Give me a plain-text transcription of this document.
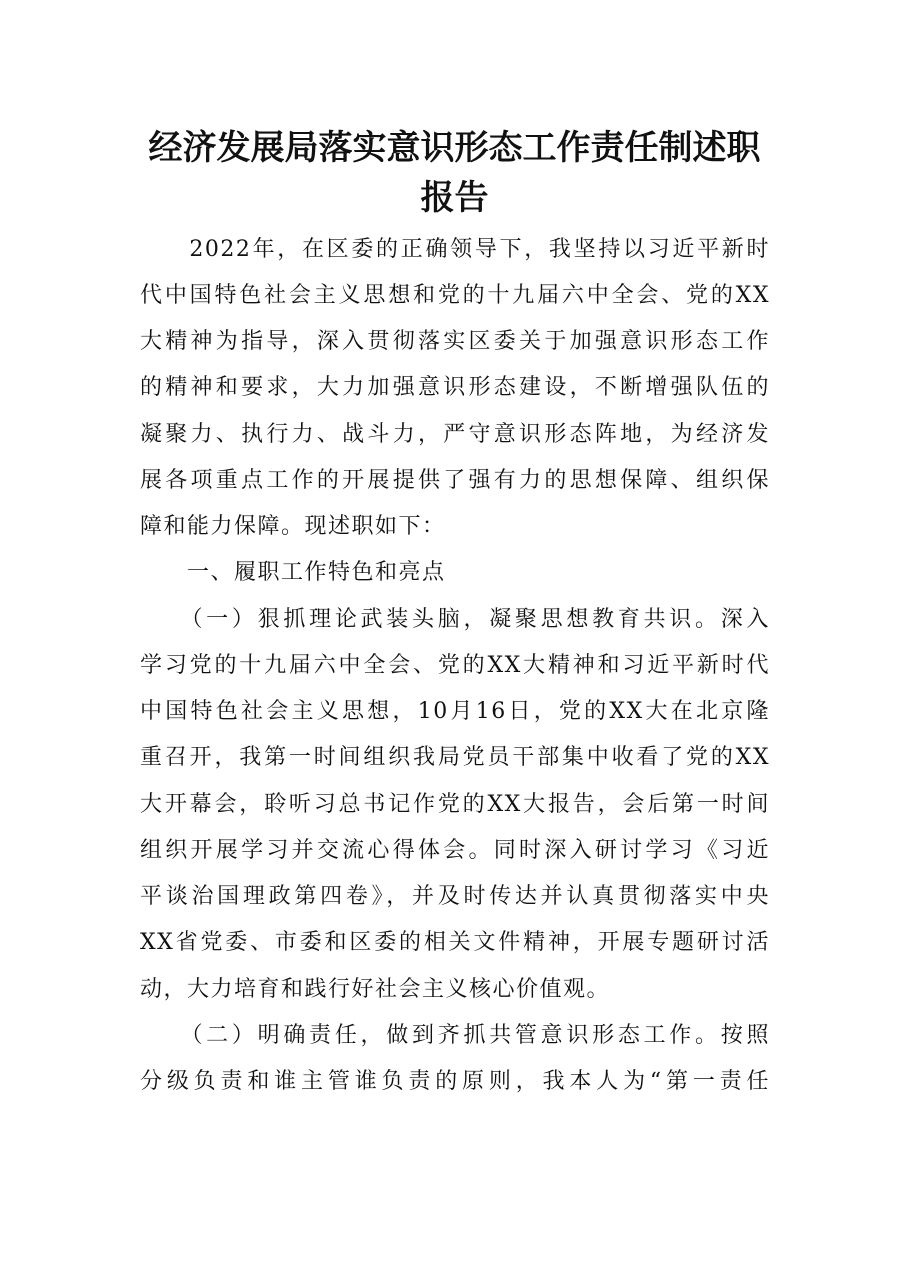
经济发展局落实意识形态工作责任制述职
报告
　　2022年，在区委的正确领导下，我坚持以习近平新时
代中国特色社会主义思想和党的十九届六中全会、党的XX
大精神为指导，深入贯彻落实区委关于加强意识形态工作
的精神和要求，大力加强意识形态建设，不断增强队伍的
凝聚力、执行力、战斗力，严守意识形态阵地，为经济发
展各项重点工作的开展提供了强有力的思想保障、组织保
障和能力保障。现述职如下：
　　一、履职工作特色和亮点
　　（一）狠抓理论武装头脑，凝聚思想教育共识。深入
学习党的十九届六中全会、党的XX大精神和习近平新时代
中国特色社会主义思想，10月16日，党的XX大在北京隆
重召开，我第一时间组织我局党员干部集中收看了党的XX
大开幕会，聆听习总书记作党的XX大报告，会后第一时间
组织开展学习并交流心得体会。同时深入研讨学习《习近
平谈治国理政第四卷》，并及时传达并认真贯彻落实中央
XX省党委、市委和区委的相关文件精神，开展专题研讨活
动，大力培育和践行好社会主义核心价值观。
　　（二）明确责任，做到齐抓共管意识形态工作。按照
分级负责和谁主管谁负责的原则，我本人为“第一责任
